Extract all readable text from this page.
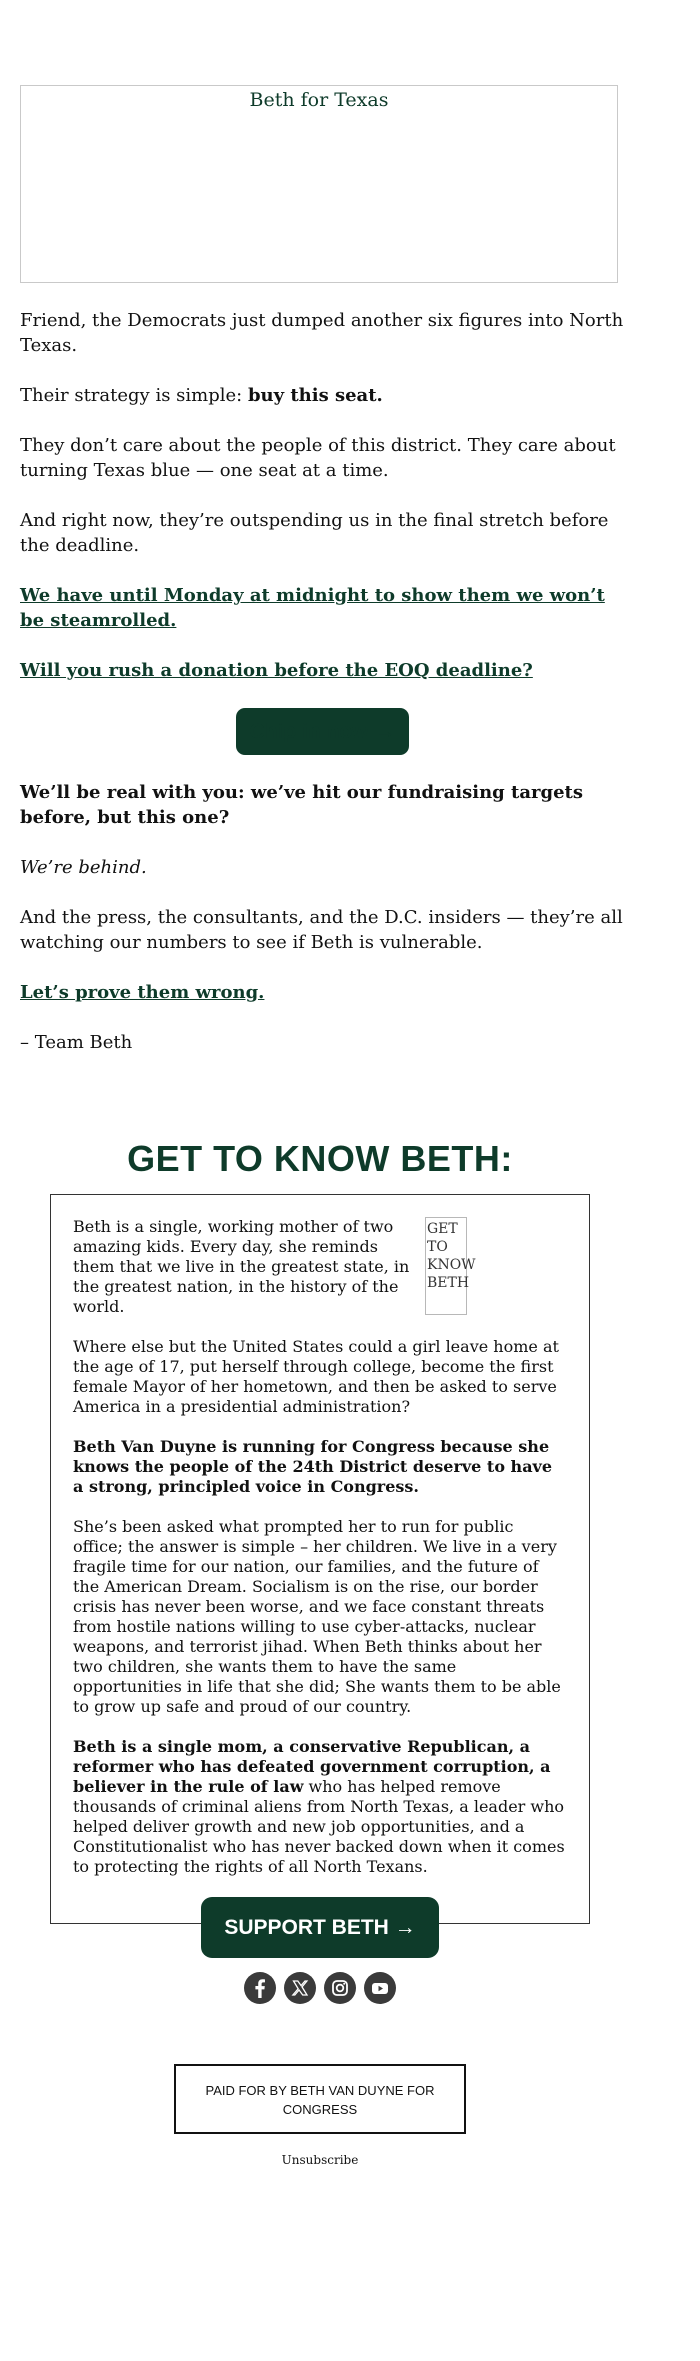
Beth for Texas

Friend, the Democrats just dumped another six figures into North Texas.

Their strategy is simple: buy this seat.

They don’t care about the people of this district. They care about turning Texas blue — one seat at a time.

And right now, they’re outspending us in the final stretch before the deadline.

We have until Monday at midnight to show them we won’t be steamrolled.

Will you rush a donation before the EOQ deadline?

Chip in now →

We’ll be real with you: we’ve hit our fundraising targets before, but this one?

We’re behind.

And the press, the consultants, and the D.C. insiders — they’re all watching our numbers to see if Beth is vulnerable.

Let’s prove them wrong.

– Team Beth

GET TO KNOW BETH:
GET TO KNOW BETH

Beth is a single, working mother of two amazing kids. Every day, she reminds them that we live in the greatest state, in the greatest nation, in the history of the world.

Where else but the United States could a girl leave home at the age of 17, put herself through college, become the first female Mayor of her hometown, and then be asked to serve America in a presidential administration?

Beth Van Duyne is running for Congress because she knows the people of the 24th District deserve to have a strong, principled voice in Congress.

She’s been asked what prompted her to run for public office; the answer is simple – her children. We live in a very fragile time for our nation, our families, and the future of the American Dream. Socialism is on the rise, our border crisis has never been worse, and we face constant threats from hostile nations willing to use cyber-attacks, nuclear weapons, and terrorist jihad. When Beth thinks about her two children, she wants them to have the same opportunities in life that she did; She wants them to be able to grow up safe and proud of our country.

Beth is a single mom, a conservative Republican, a reformer who has defeated government corruption, a believer in the rule of law who has helped remove thousands of criminal aliens from North Texas, a leader who helped deliver growth and new job opportunities, and a Constitutionalist who has never backed down when it comes to protecting the rights of all North Texans.

SUPPORT BETH →

PAID FOR BY BETH VAN DUYNE FOR CONGRESS
Unsubscribe
